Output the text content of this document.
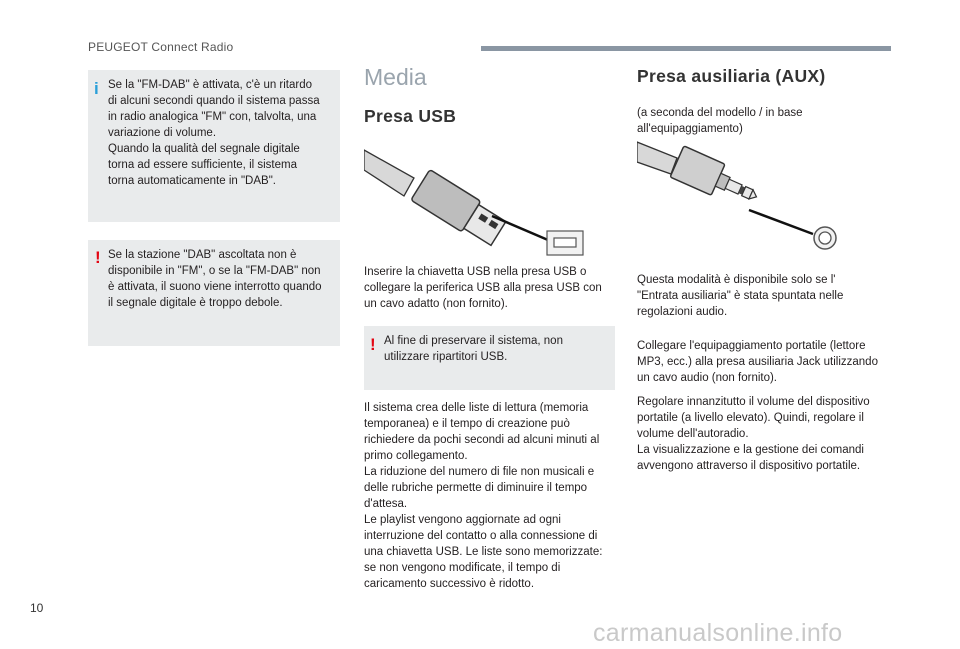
PEUGEOT Connect Radio
i Se la "FM-DAB" è attivata, c'è un ritardo

di alcuni secondi quando il sistema passa

in radio analogica "FM" con, talvolta, una

variazione di volume.

Quando la qualità del segnale digitale

torna ad essere sufficiente, il sistema

torna automaticamente in "DAB".

! Se la stazione "DAB" ascoltata non è

disponibile in "FM", o se la "FM-DAB" non

è attivata, il suono viene interrotto quando

il segnale digitale è troppo debole.

Media
Presa USB

Inserire la chiavetta USB nella presa USB o

collegare la periferica USB alla presa USB con

un cavo adatto (non fornito).

! Al fine di preservare il sistema, non

utilizzare ripartitori USB.

Il sistema crea delle liste di lettura (memoria

temporanea) e il tempo di creazione può

richiedere da pochi secondi ad alcuni minuti al

primo collegamento.

La riduzione del numero di file non musicali e

delle rubriche permette di diminuire il tempo

d'attesa.

Le playlist vengono aggiornate ad ogni

interruzione del contatto o alla connessione di

una chiavetta USB. Le liste sono memorizzate:

se non vengono modificate, il tempo di

caricamento successivo è ridotto.

Presa ausiliaria (AUX)

(a seconda del modello / in base

all'equipaggiamento)

Questa modalità è disponibile solo se l'

"Entrata ausiliaria" è stata spuntata nelle

regolazioni audio.

Collegare l'equipaggiamento portatile (lettore

MP3, ecc.) alla presa ausiliaria Jack utilizzando

un cavo audio (non fornito).

Regolare innanzitutto il volume del dispositivo

portatile (a livello elevato). Quindi, regolare il

volume dell'autoradio.

La visualizzazione e la gestione dei comandi

avvengono attraverso il dispositivo portatile.

10
carmanualsonline.info
